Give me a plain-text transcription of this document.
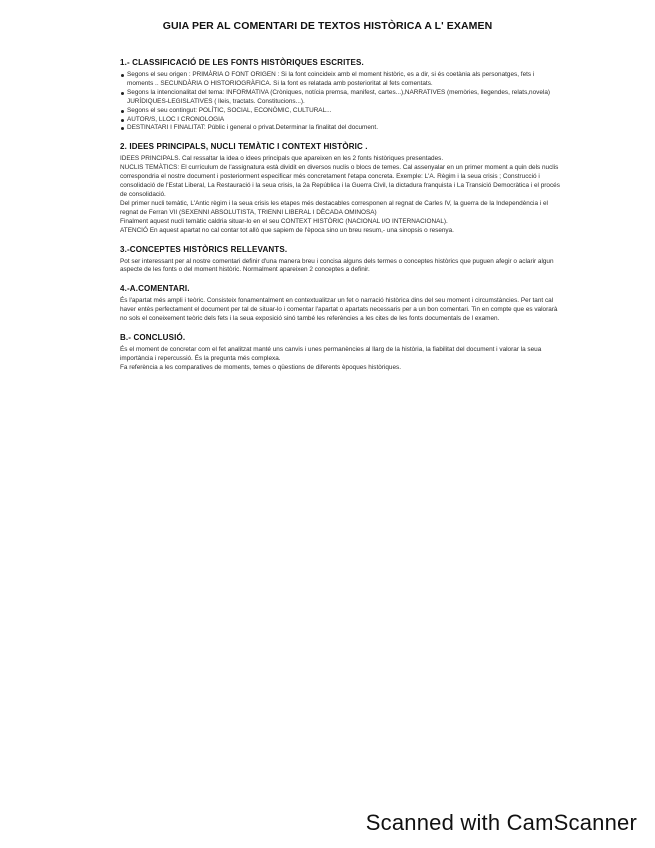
GUIA PER AL COMENTARI DE TEXTOS HISTÒRICA A L' EXAMEN
1.- CLASSIFICACIÓ DE LES FONTS HISTÒRIQUES ESCRITES.
Segons el seu origen : PRIMÀRIA O FONT ORIGEN : Si la font coincideix amb el moment històric, es a dir, si és coetània als personatges, fets i moments .. SECUNDÀRIA O HISTORIOGRÀFICA. Si la font es relatada amb posterioritat al fets comentats.
Segons la intencionalitat del tema: INFORMATIVA (Cròniques, notícia premsa, manifest, cartes...),NARRATIVES (memòries, llegendes, relats,novela) JURÍDIQUES-LEGISLATIVES ( lleis, tractats. Constitucions...).
Segons el seu contingut: POLÍTIC, SOCIAL, ECONÒMIC, CULTURAL...
AUTOR/S, LLOC I CRONOLOGIA
DESTINATARI I FINALITAT: Públic i general o privat.Determinar la finalitat del document.
2. IDEES PRINCIPALS, NUCLI TEMÀTIC I CONTEXT HISTÒRIC .

IDEES PRINCIPALS. Cal ressaltar la idea o idees principals que apareixen en les 2 fonts històriques presentades.

NUCLIS TEMÀTICS: El currículum de l'assignatura està dividit en diversos nuclis o blocs de temes. Cal assenyalar en un primer moment a quin dels nuclis correspondria el nostre document i posteriorment especificar més concretament l'etapa concreta. Exemple: L'A. Règim i la seua crisis ; Construcció i consolidació de l'Estat Liberal, La Restauració i la seua crisis, la 2a República i la Guerra Civil, la dictadura franquista i La Transició Democràtica i el procés de consolidació.

Del primer nucli temàtic, L'Antic règim i la seua crisis les etapes més destacables corresponen al regnat de Carles IV, la guerra de la Independència i el regnat de Ferran VII (SEXENNI ABSOLUTISTA, TRIENNI LIBERAL I DÈCADA OMINOSA)

Finalment aquest nucli temàtic caldria situar-lo en el seu CONTEXT HISTÒRIC (NACIONAL I/O INTERNACIONAL).

ATENCIÓ En aquest apartat no cal contar tot allò que sapiem de l'època sino un breu resum,- una sinopsis o resenya.

3.-CONCEPTES HISTÒRICS RELLEVANTS.

Pot ser interessant per al nostre comentari definir d'una manera breu i concisa alguns dels termes o conceptes històrics que puguen afegir o aclarir algun aspecte de les fonts o del moment històric. Normalment apareixen 2 conceptes a definir.

4.-A.COMENTARI.

És l'apartat més ampli i teòric. Consisteix fonamentalment en contextualitzar un fet o narració històrica dins del seu moment i circumstàncies. Per tant cal haver entès perfectament el document per tal de situar-lo i comentar l'apartat o apartats necessaris per a un bon comentari. Tin en compte que es valorarà no sols el coneixement teòric dels fets i la seua exposició sinó també les referències a les cites de les fonts documentals de l examen.

B.- CONCLUSIÓ.

És el moment de concretar com el fet analitzat manté uns canvis i unes permanències al llarg de la història, la fiabilitat del document i valorar la seua importància i repercussió. És la pregunta més complexa.

Fa referència a les comparatives de moments, temes o qüestions de diferents èpoques històriques.

Scanned with CamScanner
